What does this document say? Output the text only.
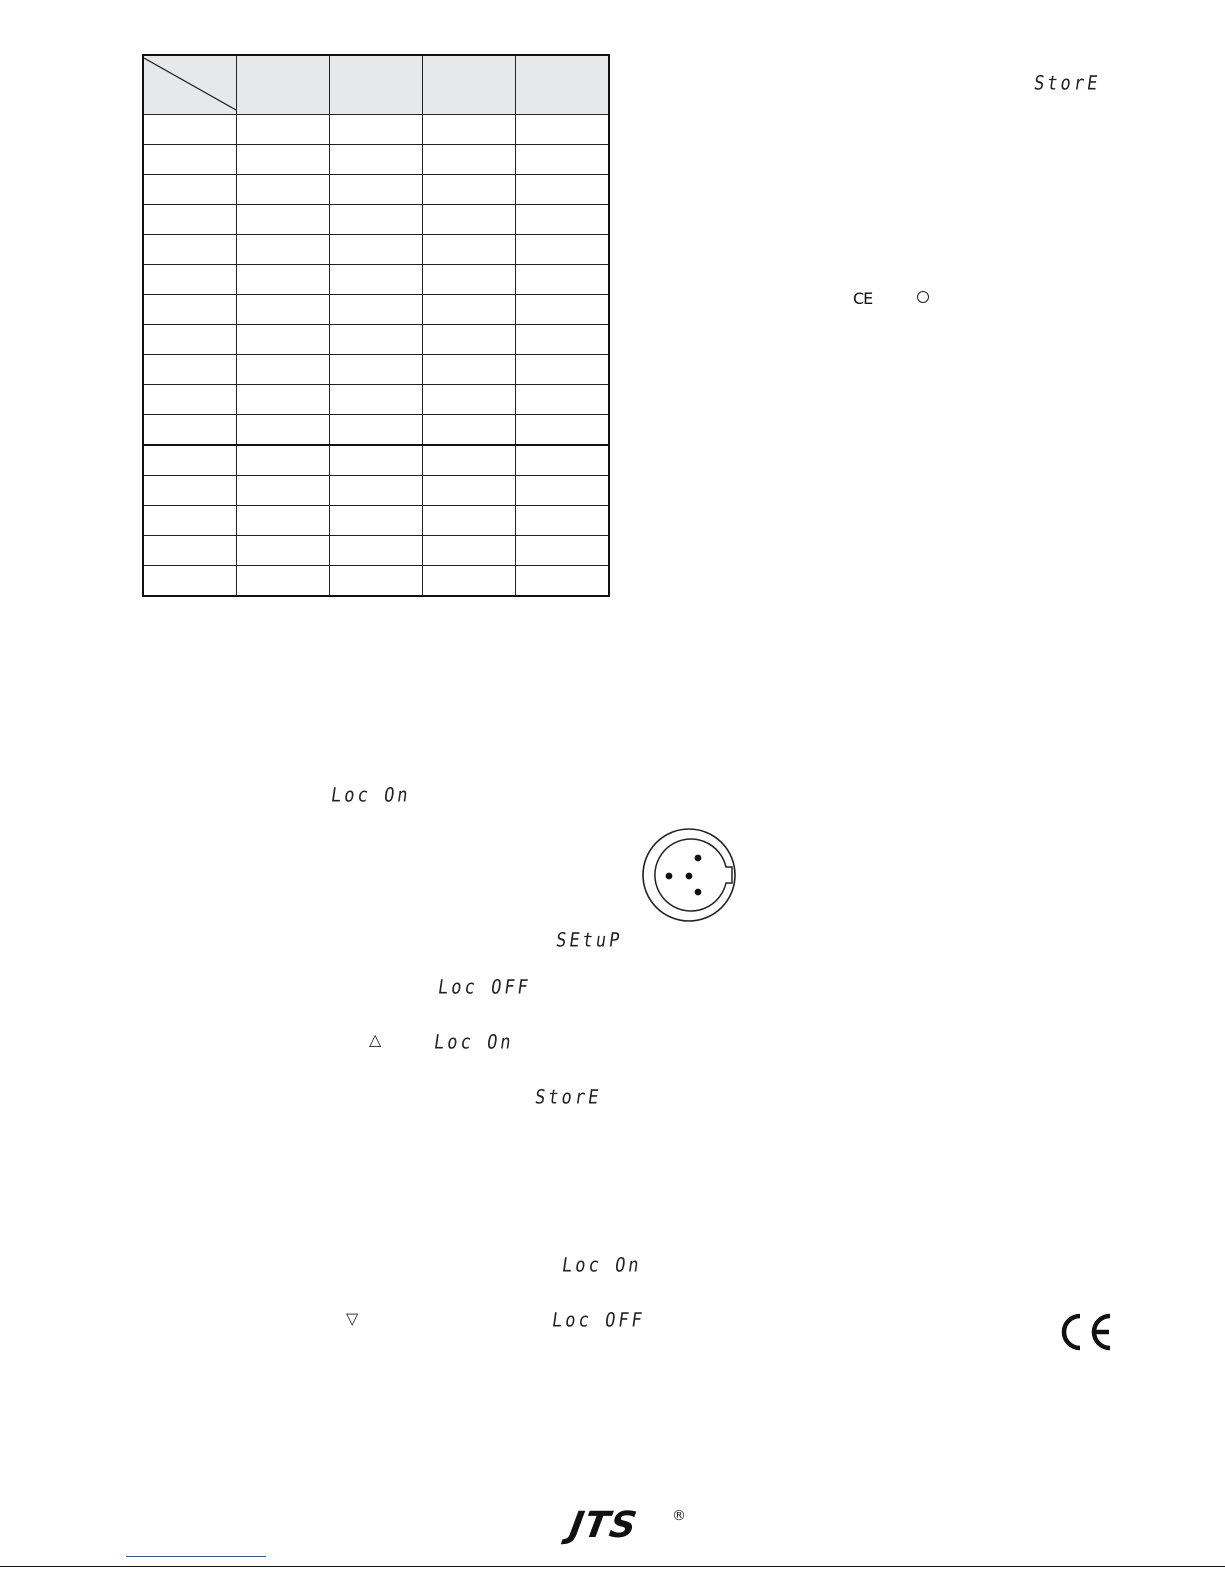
StorE
CE
Loc On
SEtuP
Loc OFF
△	Loc On
StorE
Loc On
▽	Loc OFF
JTS ®
